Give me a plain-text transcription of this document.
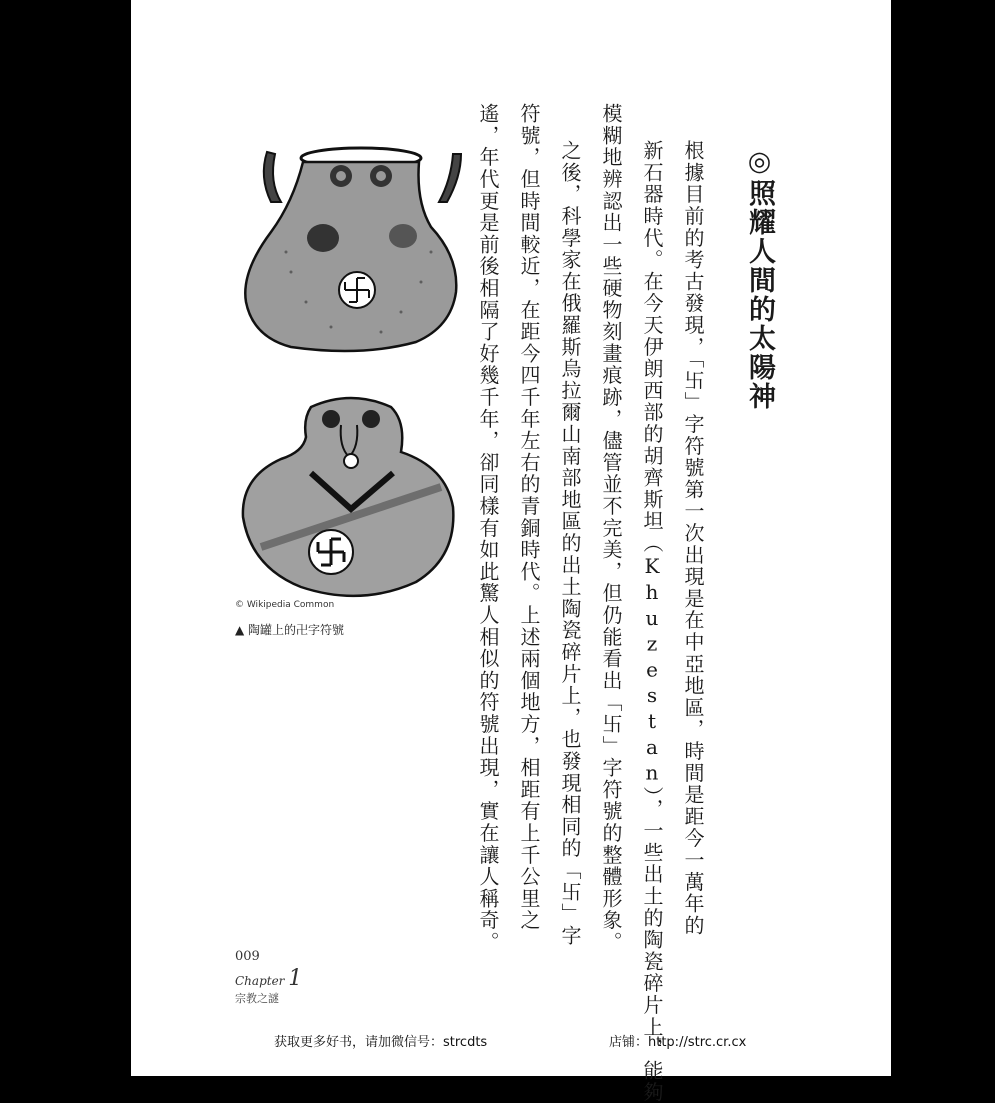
◎照耀人間的太陽神
根據目前的考古發現，「卐」字符號第一次出現是在中亞地區，時間是距今一萬年的
新石器時代。在今天伊朗西部的胡齊斯坦（Khuzestan），一些出土的陶瓷碎片上，能夠
模糊地辨認出一些硬物刻畫痕跡，儘管並不完美，但仍能看出「卐」字符號的整體形象。
之後，科學家在俄羅斯烏拉爾山南部地區的出土陶瓷碎片上，也發現相同的「卐」字
符號，但時間較近，在距今四千年左右的青銅時代。上述兩個地方，相距有上千公里之
遙，年代更是前後相隔了好幾千年，卻同樣有如此驚人相似的符號出現，實在讓人稱奇。
© Wikipedia Common
▲ 陶罐上的卍字符號
009
Chapter 1
宗教之謎
获取更多好书，请加微信号：strcdts	店铺：http://strc.cr.cx
